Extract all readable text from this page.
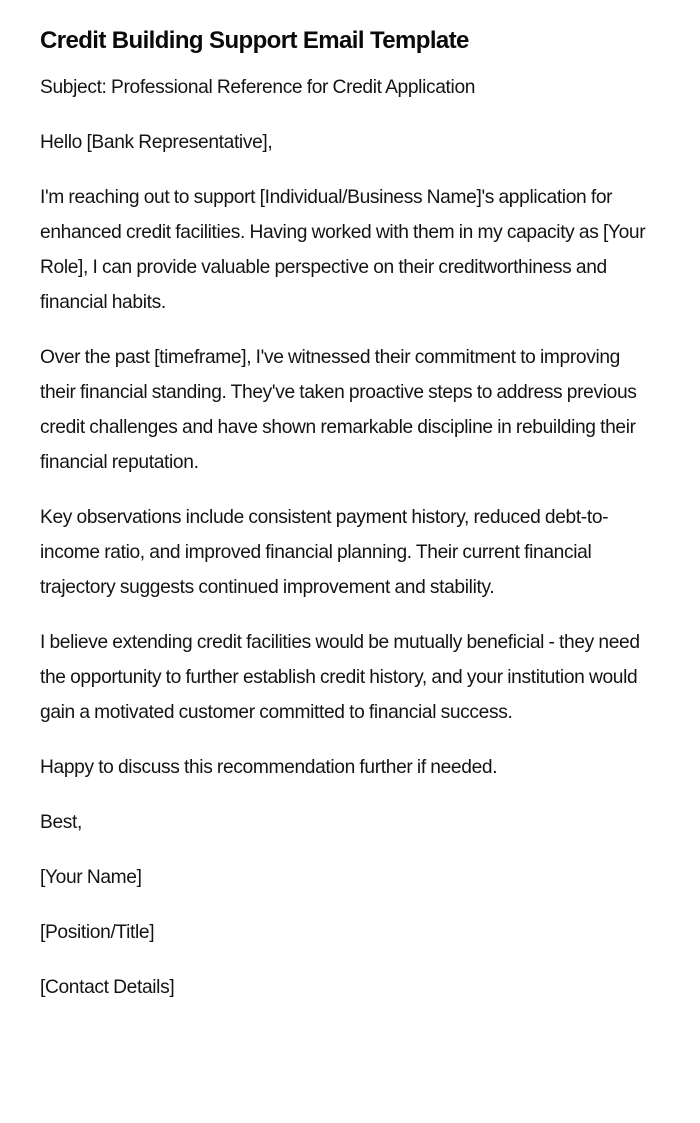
Credit Building Support Email Template

Subject: Professional Reference for Credit Application

Hello [Bank Representative],

I'm reaching out to support [Individual/Business Name]'s application for enhanced credit facilities. Having worked with them in my capacity as [Your Role], I can provide valuable perspective on their creditworthiness and financial habits.

Over the past [timeframe], I've witnessed their commitment to improving their financial standing. They've taken proactive steps to address previous credit challenges and have shown remarkable discipline in rebuilding their financial reputation.

Key observations include consistent payment history, reduced debt-to-income ratio, and improved financial planning. Their current financial trajectory suggests continued improvement and stability.

I believe extending credit facilities would be mutually beneficial - they need the opportunity to further establish credit history, and your institution would gain a motivated customer committed to financial success.

Happy to discuss this recommendation further if needed.

Best,

[Your Name]

[Position/Title]

[Contact Details]
